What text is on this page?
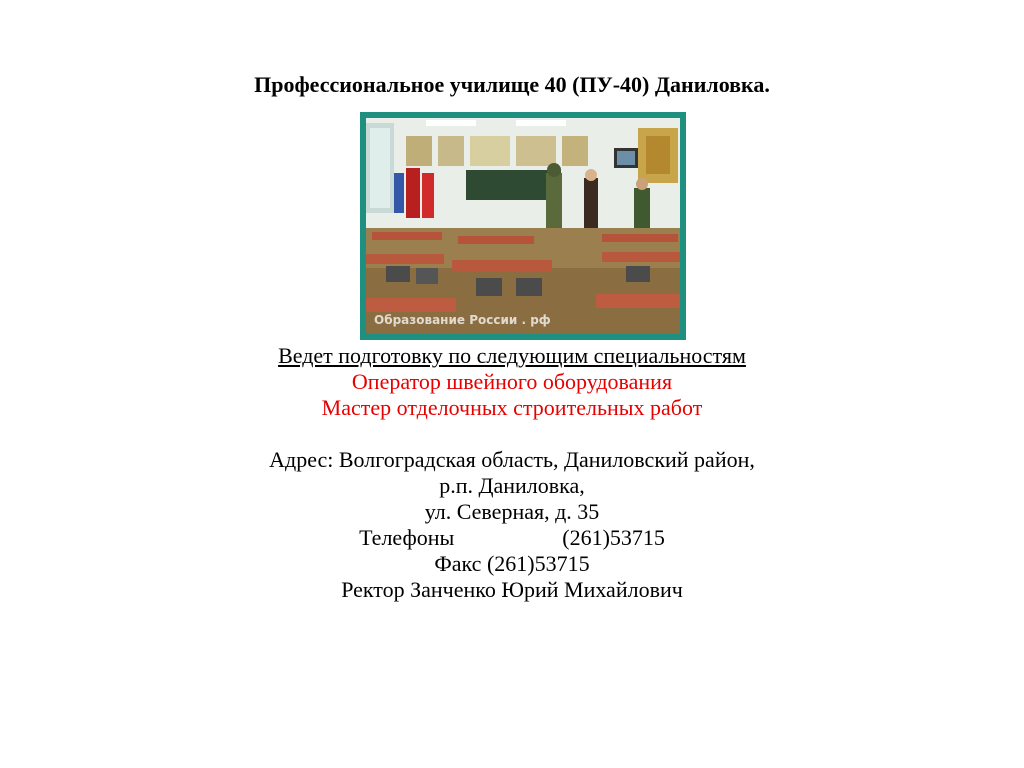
Профессиональное училище 40 (ПУ-40) Даниловка.
Образование России . рф
Ведет подготовку по следующим специальностям
Оператор швейного оборудования
Мастер отделочных строительных работ
Адрес: Волгоградская область, Даниловский район,
р.п. Даниловка,
ул. Северная, д. 35
Телефоны	(261)53715
Факс (261)53715
Ректор Занченко Юрий Михайлович
